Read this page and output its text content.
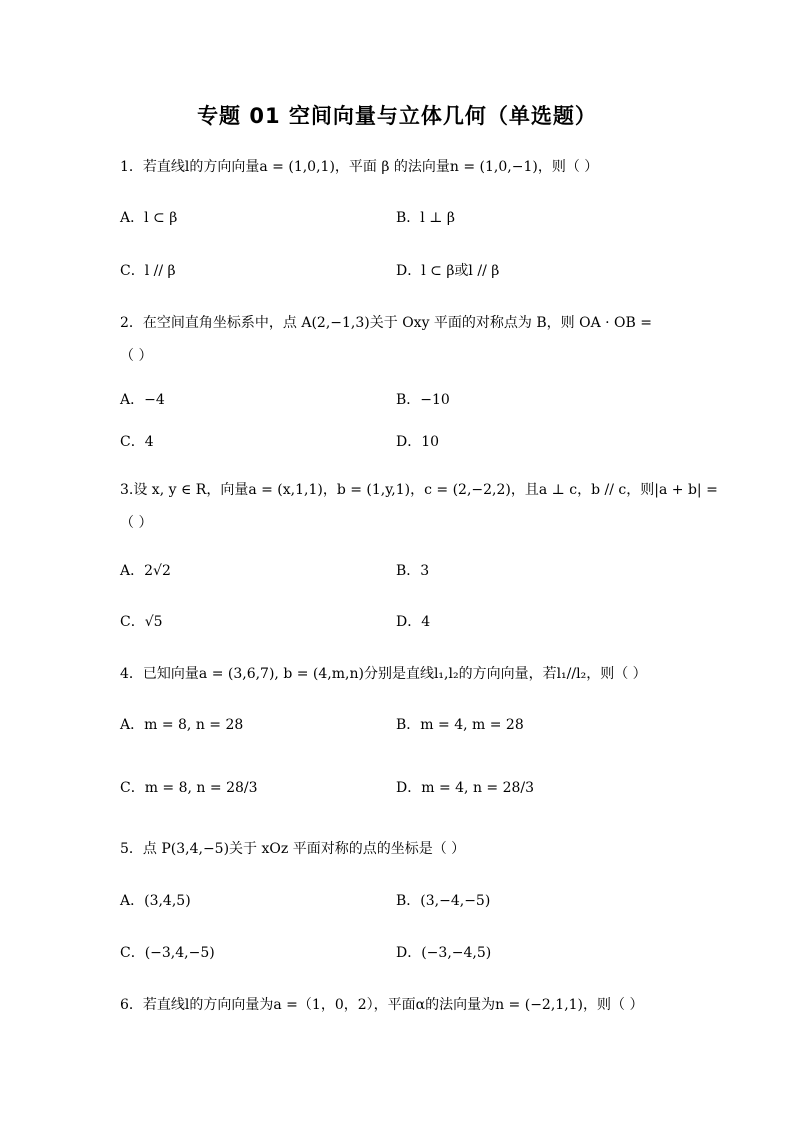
专题 01 空间向量与立体几何（单选题）
1．若直线l的方向向量a = (1,0,1)，平面 β 的法向量n = (1,0,−1)，则（ ）
A．l ⊂ β	B．l ⊥ β
C．l // β	D．l ⊂ β或l // β
2．在空间直角坐标系中，点 A(2,−1,3)关于 Oxy 平面的对称点为 B，则 OA · OB =
（ ）
A．−4	B．−10
C．4	D．10
3.设 x, y ∈ R，向量a = (x,1,1)，b = (1,y,1)，c = (2,−2,2)，且a ⊥ c，b // c，则|a + b| =
（ ）
A．2√2	B．3
C．√5	D．4
4．已知向量a = (3,6,7), b = (4,m,n)分别是直线l₁,l₂的方向向量，若l₁//l₂，则（ ）
A．m = 8, n = 28	B．m = 4, m = 28
C．m = 8, n = 28/3	D．m = 4, n = 28/3
5．点 P(3,4,−5)关于 xOz 平面对称的点的坐标是（ ）
A．(3,4,5)	B．(3,−4,−5)
C．(−3,4,−5)	D．(−3,−4,5)
6．若直线l的方向向量为a =（1，0，2），平面α的法向量为n = (−2,1,1)，则（ ）
